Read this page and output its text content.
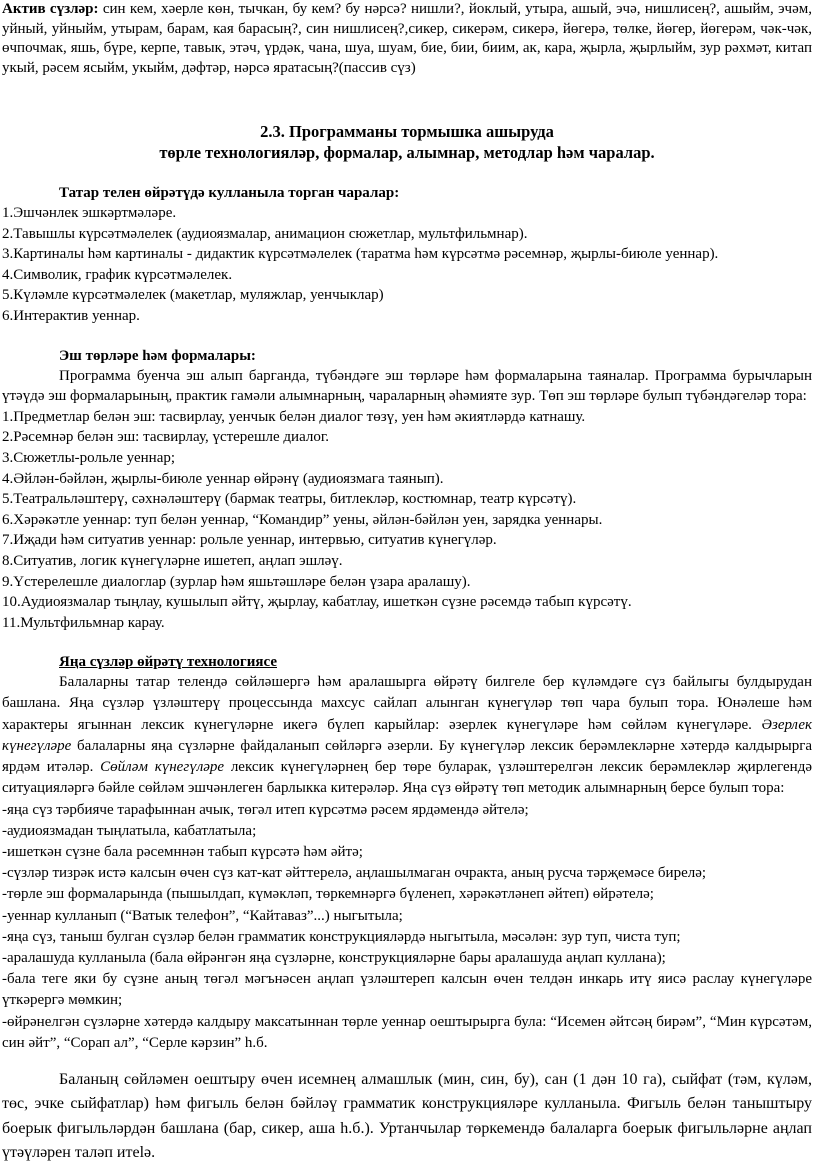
Актив сүзләр: син кем, хәерле көн, тычкан, бу кем? бу нәрсә? нишли?, йоклый, утыра, ашый, эчә, нишлисең?, ашыйм, эчәм, уйный, уйныйм, утырам, барам, кая барасың?, син нишлисең?,сикер, сикерәм, сикерә, йөгерә, төлке, йөгер, йөгерәм, чәк-чәк, өчпочмак, яшь, бүре, керпе, тавык, этәч, үрдәк, чана, шуа, шуам, бие, бии, биим, ак, кара, җырла, җырлыйм, зур рәхмәт, китап укый, рәсем ясыйм, укыйм, дәфтәр, нәрсә яратасың?(пассив сүз)

2.3. Программаны тормышка ашыруда

төрле технологияләр, формалар, алымнар, методлар һәм чаралар.

Татар телен өйрәтүдә кулланыла торган чаралар:

1.Эшчәнлек эшкәртмәләре.

2.Тавышлы күрсәтмәлелек (аудиоязмалар, анимацион сюжетлар, мультфильмнар).

3.Картиналы һәм картиналы - дидактик күрсәтмәлелек (таратма һәм күрсәтмә рәсемнәр, җырлы-биюле уеннар).

4.Символик, график күрсәтмәлелек.

5.Күләмле күрсәтмәлелек (макетлар, муляжлар, уенчыклар)

6.Интерактив уеннар.

Эш төрләре һәм формалары:

Программа буенча эш алып барганда, түбәндәге эш төрләре һәм формаларына таяналар. Программа бурычларын үтәүдә эш формаларының, практик гамәли алымнарның, чараларның әһәмияте зур. Төп эш төрләре булып түбәндәгеләр тора:

1.Предметлар белән эш: тасвирлау, уенчык белән диалог төзү, уен һәм әкиятләрдә катнашу.

2.Рәсемнәр белән эш: тасвирлау, үстерешле диалог.

3.Сюжетлы-рольле уеннар;

4.Әйлән-бәйлән, җырлы-биюле уеннар өйрәнү (аудиоязмага таянып).

5.Театральләштерү, сәхнәләштерү (бармак театры, битлекләр, костюмнар, театр күрсәтү).

6.Хәрәкәтле уеннар: туп белән уеннар, “Командир” уены, әйлән-бәйлән уен, зарядка уеннары.

7.Иҗади һәм ситуатив уеннар: рольле уеннар, интервью, ситуатив күнегүләр.

8.Ситуатив, логик күнегүләрне ишетеп, аңлап эшләү.

9.Үстерелешле диалоглар (зурлар һәм яшьтәшләре белән үзара аралашу).

10.Аудиоязмалар тыңлау, кушылып әйтү, җырлау, кабатлау, ишеткән сүзне рәсемдә табып күрсәтү.

11.Мультфильмнар карау.

Яңа сүзләр өйрәтү технологиясе

Балаларны татар телендә сөйләшергә һәм аралашырга өйрәтү билгеле бер күләмдәге сүз байлыгы булдырудан башлана. Яңа сүзләр үзләштерү процессында махсус сайлап алынган күнегүләр төп чара булып тора. Юнәлеше һәм характеры ягыннан лексик күнегүләрне икегә бүлеп карыйлар: әзерлек күнегүләре һәм сөйләм күнегүләре. Әзерлек күнегүләре балаларны яңа сүзләрне файдаланып сөйләргә әзерли. Бу күнегүләр лексик берәмлекләрне хәтердә калдырырга ярдәм итәләр. Сөйләм күнегүләре лексик күнегүләрнең бер төре буларак, үзләштерелгән лексик берәмлекләр җирлегендә ситуацияләргә бәйле сөйләм эшчәнлеген барлыкка китерәләр. Яңа сүз өйрәтү төп методик алымнарның берсе булып тора:

-яңа сүз тәрбияче тарафыннан ачык, төгәл итеп күрсәтмә рәсем ярдәмендә әйтелә;

-аудиоязмадан тыңлатыла, кабатлатыла;

-ишеткән сүзне бала рәсемннән табып күрсәтә һәм әйтә;

-сүзләр тизрәк истә калсын өчен сүз кат-кат әйттерелә, аңлашылмаган очракта, аның русча тәрҗемәсе бирелә;

-төрле эш формаларында (пышылдап, күмәкләп, төркемнәргә бүленеп, хәрәкәтләнеп әйтеп) өйрәтелә;

-уеннар кулланып (“Ватык телефон”, “Кайтаваз”...) ныгытыла;

-яңа сүз, таныш булган сүзләр белән грамматик конструкцияләрдә ныгытыла, мәсәлән: зур туп, чиста туп;

-аралашуда кулланыла (бала өйрәнгән яңа сүзләрне, конструкцияләрне бары аралашуда аңлап куллана);

-бала теге яки бу сүзне аның төгәл мәгънәсен аңлап үзләштереп калсын өчен телдән инкарь итү яисә раслау күнегүләре үткәрергә мөмкин;

-өйрәнелгән сүзләрне хәтердә калдыру максатыннан төрле уеннар оештырырга була: “Исемен әйтсәң бирәм”, “Мин күрсәтәм, син әйт”, “Сорап ал”, “Серле кәрзин” һ.б.

Баланың сөйләмен оештыру өчен исемнең алмашлык (мин, син, бу), сан (1 дән 10 га), сыйфат (тәм, күләм, төс, эчке сыйфатлар) һәм фигыль белән бәйләү грамматик конструкцияләре кулланыла. Фигыль белән таныштыру боерык фигыльләрдән башлана (бар, сикер, аша һ.б.). Уртанчылар төркемендә балаларга боерык фигыльләрне аңлап үтәүләрен таләп итеlә.
